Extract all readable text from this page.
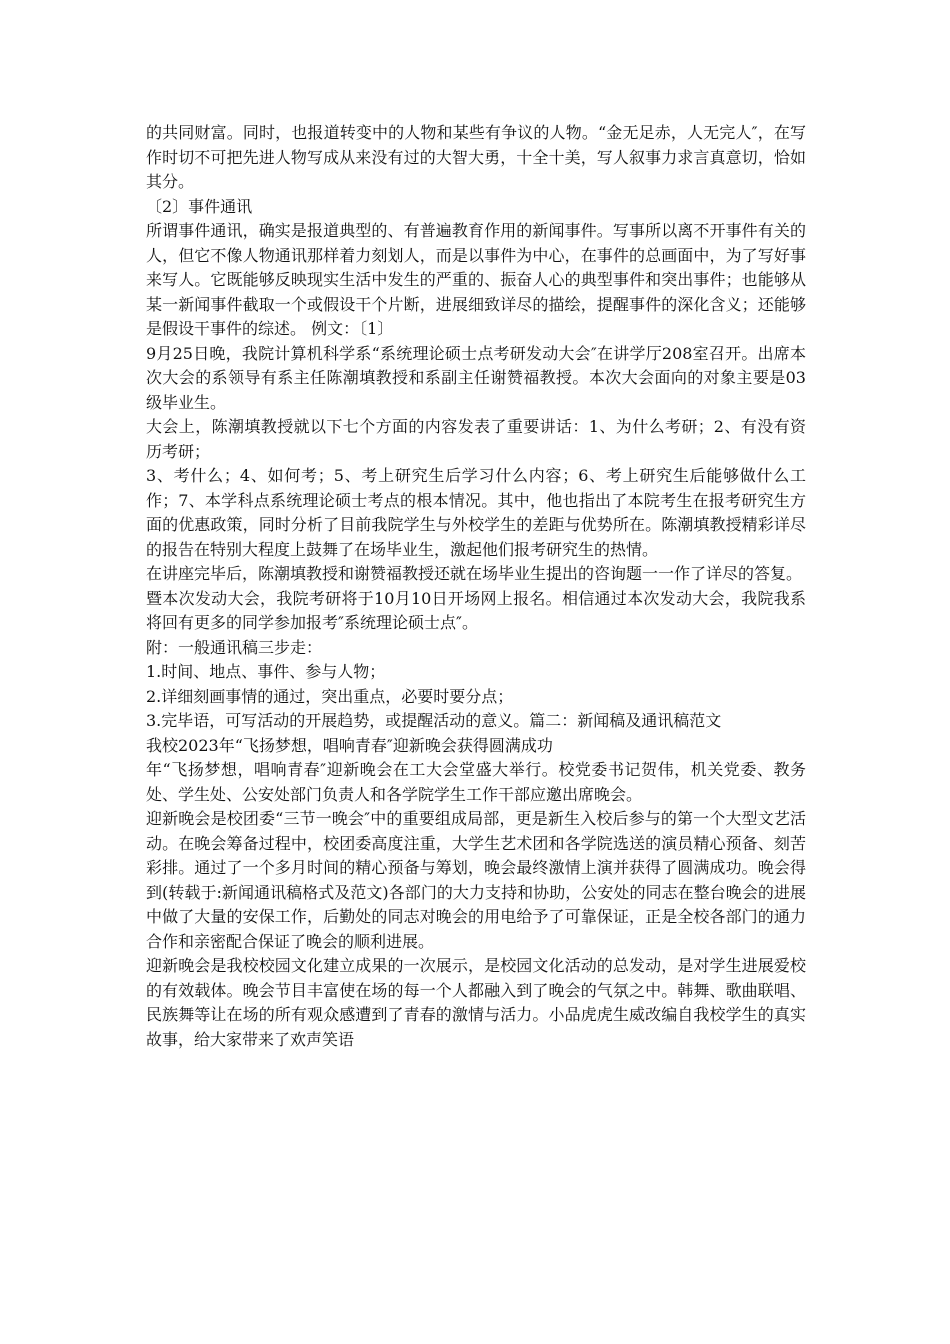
的共同财富。同时，也报道转变中的人物和某些有争议的人物。“金无足赤，人无完人″，在写作时切不可把先进人物写成从来没有过的大智大勇，十全十美，写人叙事力求言真意切，恰如其分。

〔2〕事件通讯

所谓事件通讯，确实是报道典型的、有普遍教育作用的新闻事件。写事所以离不开事件有关的人，但它不像人物通讯那样着力刻划人，而是以事件为中心，在事件的总画面中，为了写好事来写人。它既能够反映现实生活中发生的严重的、振奋人心的典型事件和突出事件；也能够从某一新闻事件截取一个或假设干个片断，进展细致详尽的描绘，提醒事件的深化含义；还能够是假设干事件的综述。 例文：〔1〕

9月25日晚，我院计算机科学系“系统理论硕士点考研发动大会″在讲学厅208室召开。出席本次大会的系领导有系主任陈潮填教授和系副主任谢赞福教授。本次大会面向的对象主要是03级毕业生。

大会上，陈潮填教授就以下七个方面的内容发表了重要讲话：1、为什么考研；2、有没有资历考研；

3、考什么；4、如何考；5、考上研究生后学习什么内容；6、考上研究生后能够做什么工作；7、本学科点系统理论硕士考点的根本情况。其中，他也指出了本院考生在报考研究生方面的优惠政策，同时分析了目前我院学生与外校学生的差距与优势所在。陈潮填教授精彩详尽的报告在特别大程度上鼓舞了在场毕业生，激起他们报考研究生的热情。

在讲座完毕后，陈潮填教授和谢赞福教授还就在场毕业生提出的咨询题一一作了详尽的答复。

暨本次发动大会，我院考研将于10月10日开场网上报名。相信通过本次发动大会，我院我系将回有更多的同学参加报考″系统理论硕士点″。

附：一般通讯稿三步走：

1.时间、地点、事件、参与人物；

2.详细刻画事情的通过，突出重点，必要时要分点；

3.完毕语，可写活动的开展趋势，或提醒活动的意义。篇二：新闻稿及通讯稿范文

我校2023年“飞扬梦想，唱响青春″迎新晚会获得圆满成功

年“飞扬梦想，唱响青春″迎新晚会在工大会堂盛大举行。校党委书记贺伟，机关党委、教务处、学生处、公安处部门负责人和各学院学生工作干部应邀出席晚会。

迎新晚会是校团委“三节一晚会″中的重要组成局部，更是新生入校后参与的第一个大型文艺活动。在晚会筹备过程中，校团委高度注重，大学生艺术团和各学院选送的演员精心预备、刻苦彩排。通过了一个多月时间的精心预备与筹划，晚会最终激情上演并获得了圆满成功。晚会得到(转载于:新闻通讯稿格式及范文)各部门的大力支持和协助，公安处的同志在整台晚会的进展中做了大量的安保工作，后勤处的同志对晚会的用电给予了可靠保证，正是全校各部门的通力合作和亲密配合保证了晚会的顺利进展。

迎新晚会是我校校园文化建立成果的一次展示，是校园文化活动的总发动，是对学生进展爱校的有效载体。晚会节目丰富使在场的每一个人都融入到了晚会的气氛之中。韩舞、歌曲联唱、民族舞等让在场的所有观众感遭到了青春的激情与活力。小品虎虎生威改编自我校学生的真实故事，给大家带来了欢声笑语
